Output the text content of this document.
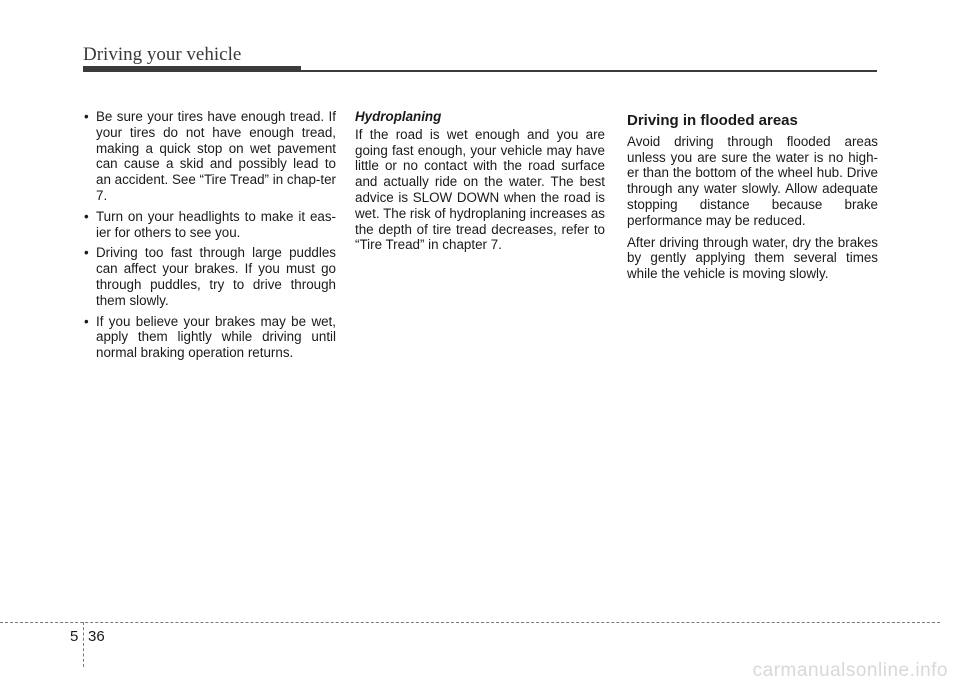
Driving your vehicle
• Be sure your tires have enough tread. If your tires do not have enough tread, making a quick stop on wet pavement can cause a skid and possibly lead to an accident. See “Tire Tread” in chap-ter 7.
• Turn on your headlights to make it eas-ier for others to see you.
• Driving too fast through large puddles can affect your brakes. If you must go through puddles, try to drive through them slowly.
• If you believe your brakes may be wet, apply them lightly while driving until normal braking operation returns.
Hydroplaning

If the road is wet enough and you are going fast enough, your vehicle may have little or no contact with the road surface and actually ride on the water. The best advice is SLOW DOWN when the road is wet. The risk of hydroplaning increases as the depth of tire tread decreases, refer to “Tire Tread” in chapter 7.

Driving in flooded areas

Avoid driving through flooded areas unless you are sure the water is no high-er than the bottom of the wheel hub. Drive through any water slowly. Allow adequate stopping distance because brake performance may be reduced.

After driving through water, dry the brakes by gently applying them several times while the vehicle is moving slowly.

5 36
carmanualsonline.info
